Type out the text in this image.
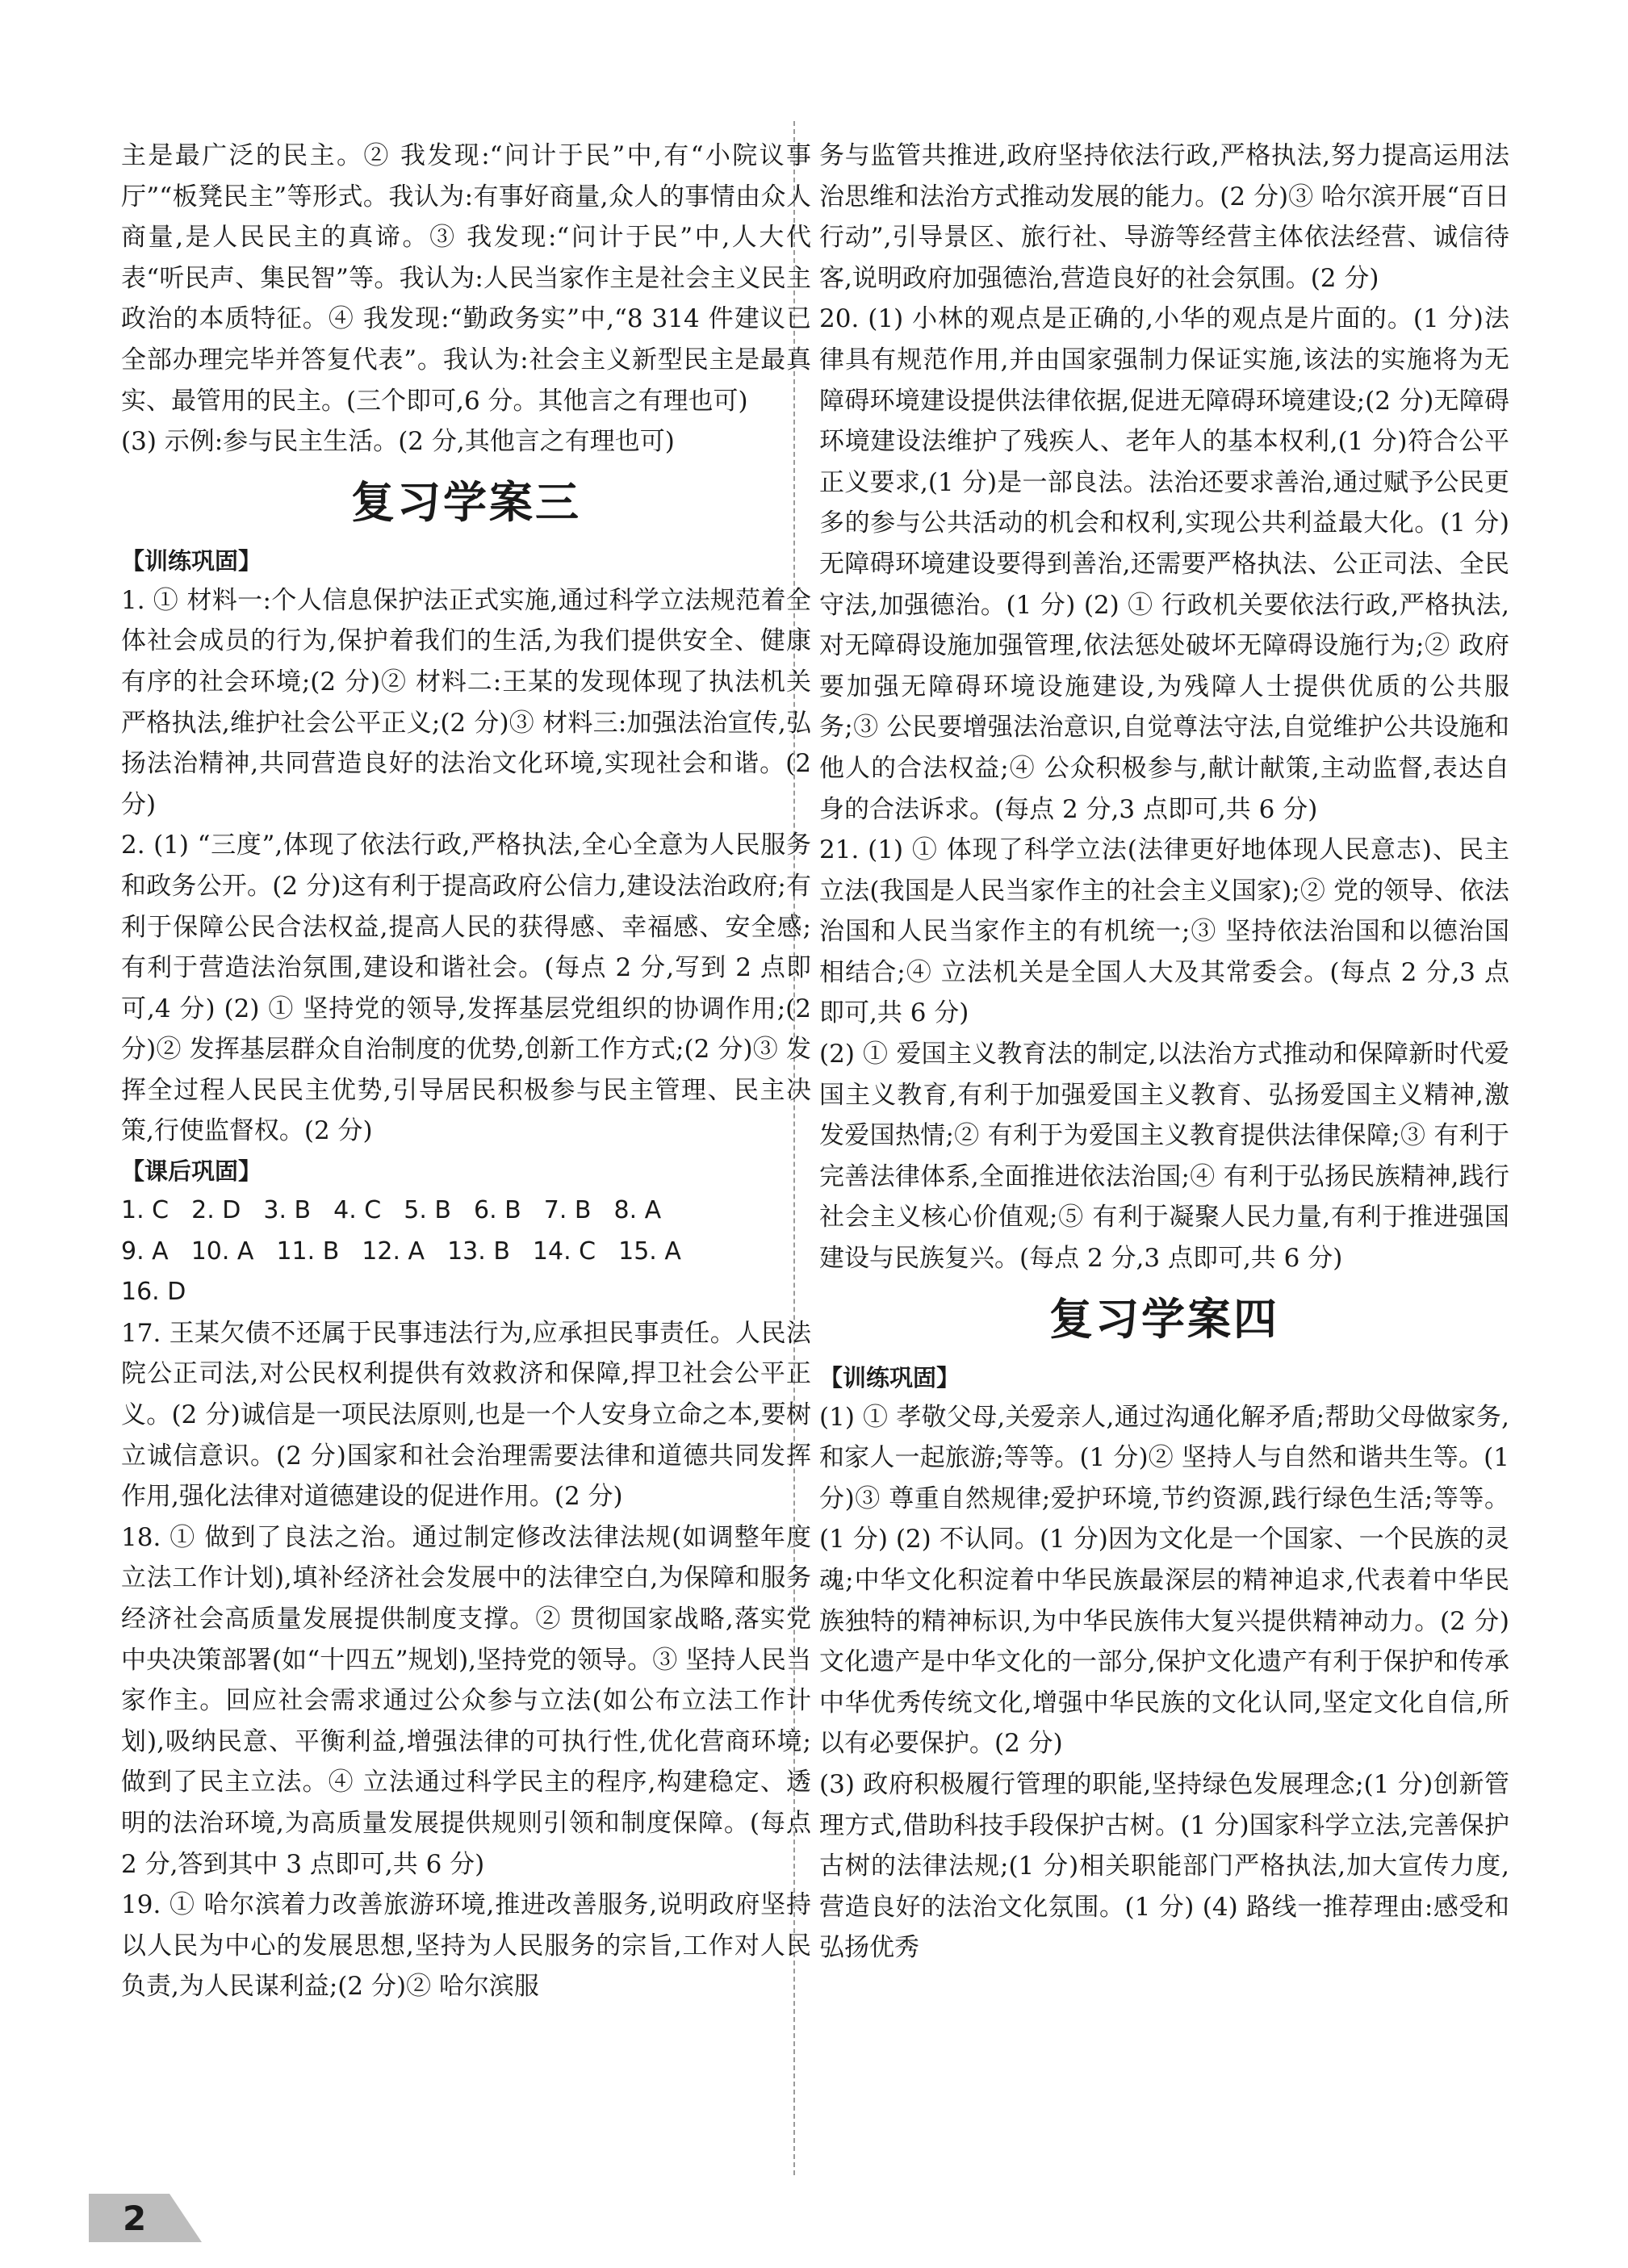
主是最广泛的民主。② 我发现:“问计于民”中,有“小院议事厅”“板凳民主”等形式。我认为:有事好商量,众人的事情由众人商量,是人民民主的真谛。③ 我发现:“问计于民”中,人大代表“听民声、集民智”等。我认为:人民当家作主是社会主义民主政治的本质特征。④ 我发现:“勤政务实”中,“8 314 件建议已全部办理完毕并答复代表”。我认为:社会主义新型民主是最真实、最管用的民主。(三个即可,6 分。其他言之有理也可)

(3) 示例:参与民主生活。(2 分,其他言之有理也可)

复习学案三
【训练巩固】

1. ① 材料一:个人信息保护法正式实施,通过科学立法规范着全体社会成员的行为,保护着我们的生活,为我们提供安全、健康有序的社会环境;(2 分)② 材料二:王某的发现体现了执法机关严格执法,维护社会公平正义;(2 分)③ 材料三:加强法治宣传,弘扬法治精神,共同营造良好的法治文化环境,实现社会和谐。(2 分)

2. (1) “三度”,体现了依法行政,严格执法,全心全意为人民服务和政务公开。(2 分)这有利于提高政府公信力,建设法治政府;有利于保障公民合法权益,提高人民的获得感、幸福感、安全感;有利于营造法治氛围,建设和谐社会。(每点 2 分,写到 2 点即可,4 分) (2) ① 坚持党的领导,发挥基层党组织的协调作用;(2 分)② 发挥基层群众自治制度的优势,创新工作方式;(2 分)③ 发挥全过程人民民主优势,引导居民积极参与民主管理、民主决策,行使监督权。(2 分)

【课后巩固】
1. C 2. D 3. B 4. C 5. B 6. B 7. B 8. A
9. A 10. A 11. B 12. A 13. B 14. C 15. A
16. D

17. 王某欠债不还属于民事违法行为,应承担民事责任。人民法院公正司法,对公民权利提供有效救济和保障,捍卫社会公平正义。(2 分)诚信是一项民法原则,也是一个人安身立命之本,要树立诚信意识。(2 分)国家和社会治理需要法律和道德共同发挥作用,强化法律对道德建设的促进作用。(2 分)

18. ① 做到了良法之治。通过制定修改法律法规(如调整年度立法工作计划),填补经济社会发展中的法律空白,为保障和服务经济社会高质量发展提供制度支撑。② 贯彻国家战略,落实党中央决策部署(如“十四五”规划),坚持党的领导。③ 坚持人民当家作主。回应社会需求通过公众参与立法(如公布立法工作计划),吸纳民意、平衡利益,增强法律的可执行性,优化营商环境;做到了民主立法。④ 立法通过科学民主的程序,构建稳定、透明的法治环境,为高质量发展提供规则引领和制度保障。(每点 2 分,答到其中 3 点即可,共 6 分)

19. ① 哈尔滨着力改善旅游环境,推进改善服务,说明政府坚持以人民为中心的发展思想,坚持为人民服务的宗旨,工作对人民负责,为人民谋利益;(2 分)② 哈尔滨服

务与监管共推进,政府坚持依法行政,严格执法,努力提高运用法治思维和法治方式推动发展的能力。(2 分)③ 哈尔滨开展“百日行动”,引导景区、旅行社、导游等经营主体依法经营、诚信待客,说明政府加强德治,营造良好的社会氛围。(2 分)

20. (1) 小林的观点是正确的,小华的观点是片面的。(1 分)法律具有规范作用,并由国家强制力保证实施,该法的实施将为无障碍环境建设提供法律依据,促进无障碍环境建设;(2 分)无障碍环境建设法维护了残疾人、老年人的基本权利,(1 分)符合公平正义要求,(1 分)是一部良法。法治还要求善治,通过赋予公民更多的参与公共活动的机会和权利,实现公共利益最大化。(1 分)无障碍环境建设要得到善治,还需要严格执法、公正司法、全民守法,加强德治。(1 分) (2) ① 行政机关要依法行政,严格执法,对无障碍设施加强管理,依法惩处破坏无障碍设施行为;② 政府要加强无障碍环境设施建设,为残障人士提供优质的公共服务;③ 公民要增强法治意识,自觉尊法守法,自觉维护公共设施和他人的合法权益;④ 公众积极参与,献计献策,主动监督,表达自身的合法诉求。(每点 2 分,3 点即可,共 6 分)

21. (1) ① 体现了科学立法(法律更好地体现人民意志)、民主立法(我国是人民当家作主的社会主义国家);② 党的领导、依法治国和人民当家作主的有机统一;③ 坚持依法治国和以德治国相结合;④ 立法机关是全国人大及其常委会。(每点 2 分,3 点即可,共 6 分)

(2) ① 爱国主义教育法的制定,以法治方式推动和保障新时代爱国主义教育,有利于加强爱国主义教育、弘扬爱国主义精神,激发爱国热情;② 有利于为爱国主义教育提供法律保障;③ 有利于完善法律体系,全面推进依法治国;④ 有利于弘扬民族精神,践行社会主义核心价值观;⑤ 有利于凝聚人民力量,有利于推进强国建设与民族复兴。(每点 2 分,3 点即可,共 6 分)

复习学案四
【训练巩固】

(1) ① 孝敬父母,关爱亲人,通过沟通化解矛盾;帮助父母做家务,和家人一起旅游;等等。(1 分)② 坚持人与自然和谐共生等。(1 分)③ 尊重自然规律;爱护环境,节约资源,践行绿色生活;等等。(1 分) (2) 不认同。(1 分)因为文化是一个国家、一个民族的灵魂;中华文化积淀着中华民族最深层的精神追求,代表着中华民族独特的精神标识,为中华民族伟大复兴提供精神动力。(2 分)文化遗产是中华文化的一部分,保护文化遗产有利于保护和传承中华优秀传统文化,增强中华民族的文化认同,坚定文化自信,所以有必要保护。(2 分)

(3) 政府积极履行管理的职能,坚持绿色发展理念;(1 分)创新管理方式,借助科技手段保护古树。(1 分)国家科学立法,完善保护古树的法律法规;(1 分)相关职能部门严格执法,加大宣传力度,营造良好的法治文化氛围。(1 分) (4) 路线一推荐理由:感受和弘扬优秀

2
